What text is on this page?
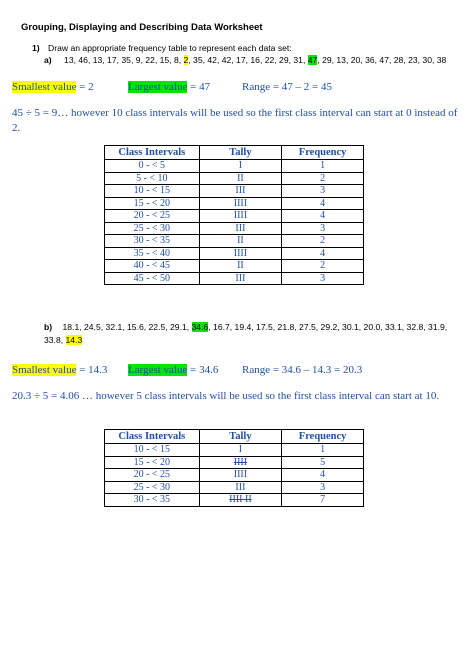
Grouping, Displaying and Describing Data Worksheet
1) Draw an appropriate frequency table to represent each data set:
a) 13, 46, 13, 17, 35, 9, 22, 15, 8, 2, 35, 42, 42, 17, 16, 22, 29, 31, 47, 29, 13, 20, 36, 47, 28, 23, 30, 38
Smallest value = 2	Largest value = 47	Range = 47 – 2 = 45
45 ÷ 5 = 9… however 10 class intervals will be used so the first class interval can start at 0 instead of 2.
Class Intervals	Tally	Frequency
0 - < 5	I	1
5 - < 10	II	2
10 - < 15	III	3
15 - < 20	IIII	4
20 - < 25	IIII	4
25 - < 30	III	3
30 - < 35	II	2
35 - < 40	IIII	4
40 - < 45	II	2
45 - < 50	III	3
b) 18.1, 24.5, 32.1, 15.6, 22.5, 29.1, 34.6, 16.7, 19.4, 17.5, 21.8, 27.5, 29.2, 30.1, 20.0, 33.1, 32.8, 31.9, 33.8, 14.3
Smallest value = 14.3 Largest value = 34.6 Range = 34.6 – 14.3 = 20.3
20.3 ÷ 5 = 4.06 … however 5 class intervals will be used so the first class interval can start at 10.
Class Intervals	Tally	Frequency
10 - < 15	I	1
15 - < 20	IIII	5
20 - < 25	IIII	4
25 - < 30	III	3
30 - < 35	IIII II	7
